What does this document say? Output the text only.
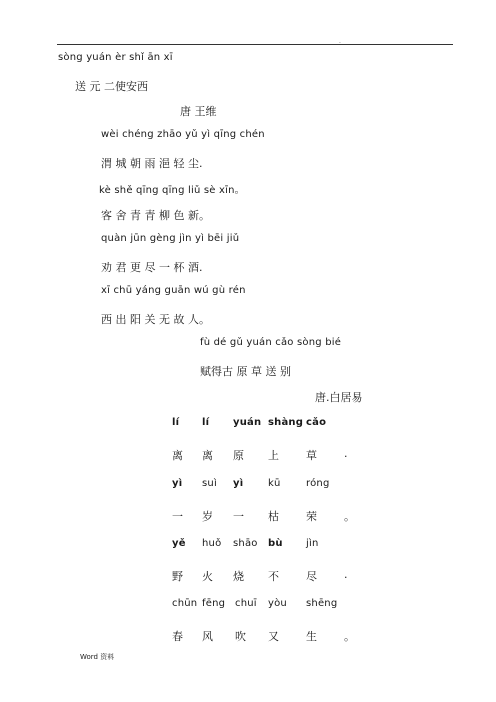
.
sòng yuán èr shǐ ān xī
送 元 二使安西
唐 王维
wèi chéng zhāo yǔ yì qīng chén
渭 城 朝 雨 浥 轻 尘.
kè shě qīng qīng liǔ sè xīn。
客 舍 青 青 柳 色 新。
quàn jūn gèng jìn yì bēi jiǔ
劝 君 更 尽 一 杯 酒.
xī chū yáng guān wú gù rén
西 出 阳 关 无 故 人。
fù dé gǔ yuán cǎo sòng bié
赋得古 原 草 送 别
唐.白居易
lí lí yuán shàng cǎo
离 离 原 上 草 .
yì suì yì kū	róng
一 岁 一 枯 荣 。
yě huǒ shāo bù jìn
野 火 烧 不 尽 .
chūn fēng chuī yòu shēng
春 风 吹 又 生 。
Word 资料
